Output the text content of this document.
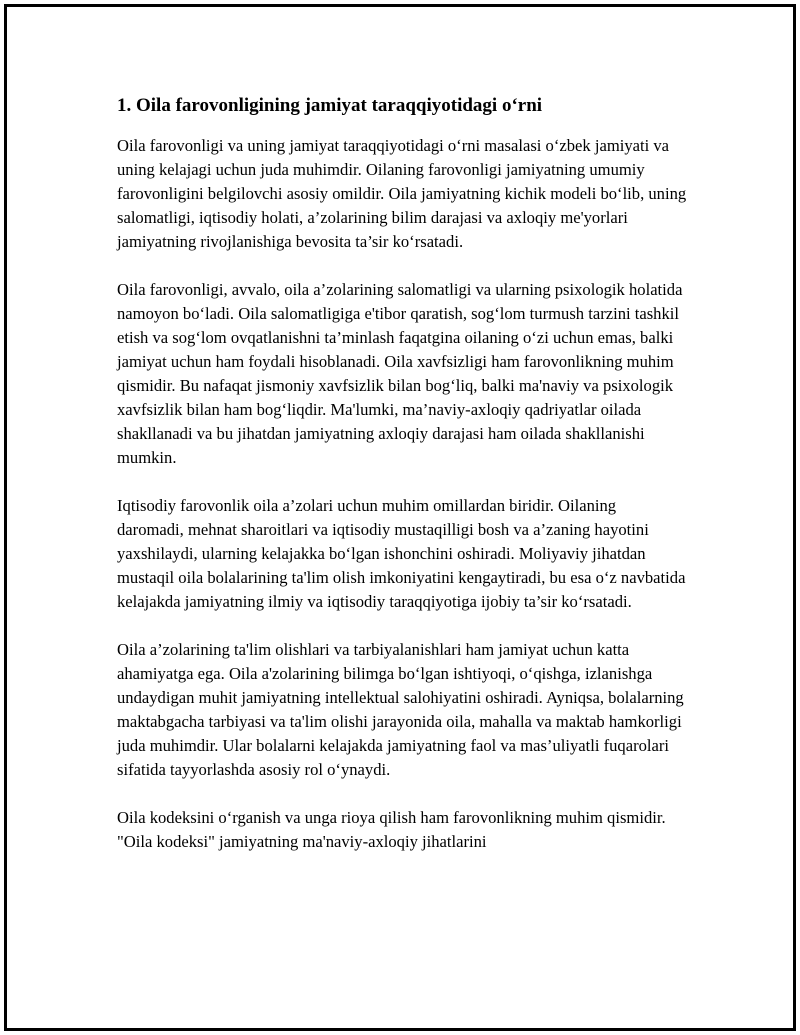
1. Oila farovonligining jamiyat taraqqiyotidagi o‘rni

Oila farovonligi va uning jamiyat taraqqiyotidagi o‘rni masalasi o‘zbek jamiyati va uning kelajagi uchun juda muhimdir. Oilaning farovonligi jamiyatning umumiy farovonligini belgilovchi asosiy omildir. Oila jamiyatning kichik modeli bo‘lib, uning salomatligi, iqtisodiy holati, a’zolarining bilim darajasi va axloqiy me'yorlari jamiyatning rivojlanishiga bevosita ta’sir ko‘rsatadi.

Oila farovonligi, avvalo, oila a’zolarining salomatligi va ularning psixologik holatida namoyon bo‘ladi. Oila salomatligiga e'tibor qaratish, sog‘lom turmush tarzini tashkil etish va sog‘lom ovqatlanishni ta’minlash faqatgina oilaning o‘zi uchun emas, balki jamiyat uchun ham foydali hisoblanadi. Oila xavfsizligi ham farovonlikning muhim qismidir. Bu nafaqat jismoniy xavfsizlik bilan bog‘liq, balki ma'naviy va psixologik xavfsizlik bilan ham bog‘liqdir. Ma'lumki, ma’naviy-axloqiy qadriyatlar oilada shakllanadi va bu jihatdan jamiyatning axloqiy darajasi ham oilada shakllanishi mumkin.

Iqtisodiy farovonlik oila a’zolari uchun muhim omillardan biridir. Oilaning daromadi, mehnat sharoitlari va iqtisodiy mustaqilligi bosh va a’zaning hayotini yaxshilaydi, ularning kelajakka bo‘lgan ishonchini oshiradi. Moliyaviy jihatdan mustaqil oila bolalarining ta'lim olish imkoniyatini kengaytiradi, bu esa o‘z navbatida kelajakda jamiyatning ilmiy va iqtisodiy taraqqiyotiga ijobiy ta’sir ko‘rsatadi.

Oila a’zolarining ta'lim olishlari va tarbiyalanishlari ham jamiyat uchun katta ahamiyatga ega. Oila a'zolarining bilimga bo‘lgan ishtiyoqi, o‘qishga, izlanishga undaydigan muhit jamiyatning intellektual salohiyatini oshiradi. Ayniqsa, bolalarning maktabgacha tarbiyasi va ta'lim olishi jarayonida oila, mahalla va maktab hamkorligi juda muhimdir. Ular bolalarni kelajakda jamiyatning faol va mas’uliyatli fuqarolari sifatida tayyorlashda asosiy rol o‘ynaydi.

Oila kodeksini o‘rganish va unga rioya qilish ham farovonlikning muhim qismidir. "Oila kodeksi" jamiyatning ma'naviy-axloqiy jihatlarini
